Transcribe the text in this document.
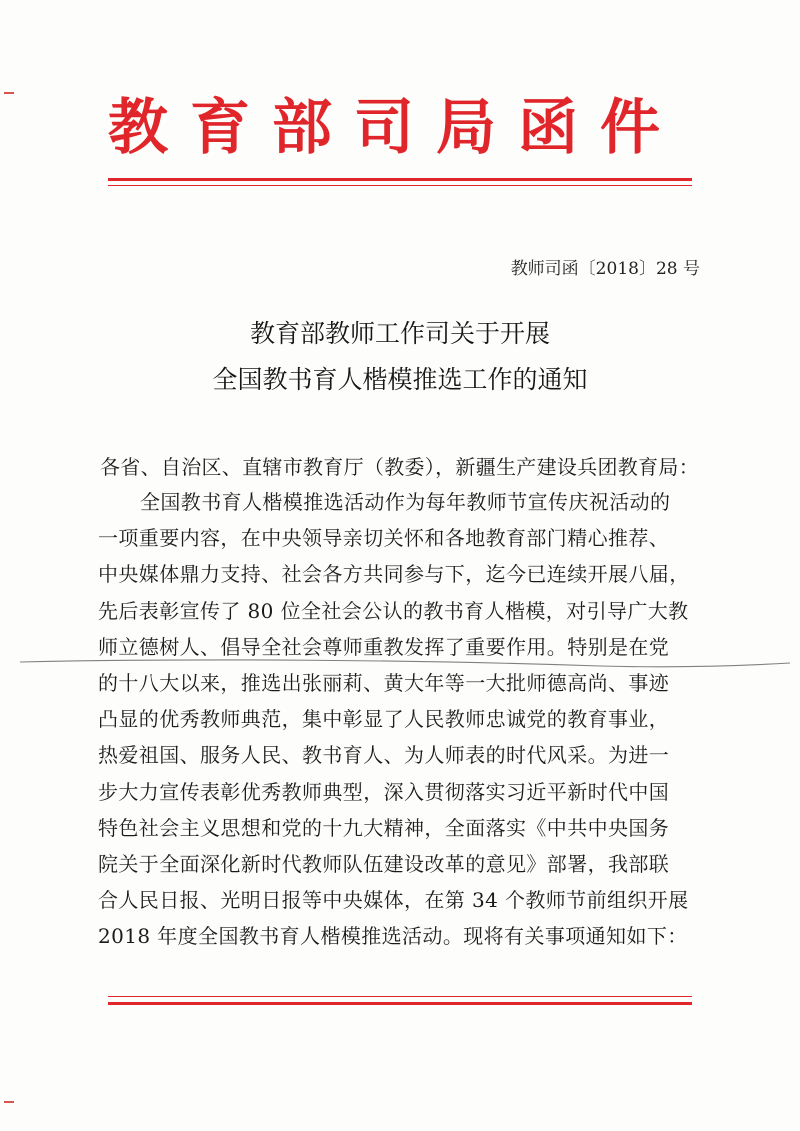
教育部司局函件
教师司函〔2018〕28 号
教育部教师工作司关于开展
全国教书育人楷模推选工作的通知
各省、自治区、直辖市教育厅（教委），新疆生产建设兵团教育局：
全国教书育人楷模推选活动作为每年教师节宣传庆祝活动的
一项重要内容，在中央领导亲切关怀和各地教育部门精心推荐、
中央媒体鼎力支持、社会各方共同参与下，迄今已连续开展八届，
先后表彰宣传了 80 位全社会公认的教书育人楷模，对引导广大教
师立德树人、倡导全社会尊师重教发挥了重要作用。特别是在党
的十八大以来，推选出张丽莉、黄大年等一大批师德高尚、事迹
凸显的优秀教师典范，集中彰显了人民教师忠诚党的教育事业，
热爱祖国、服务人民、教书育人、为人师表的时代风采。为进一
步大力宣传表彰优秀教师典型，深入贯彻落实习近平新时代中国
特色社会主义思想和党的十九大精神，全面落实《中共中央国务
院关于全面深化新时代教师队伍建设改革的意见》部署，我部联
合人民日报、光明日报等中央媒体，在第 34 个教师节前组织开展
2018 年度全国教书育人楷模推选活动。现将有关事项通知如下：
